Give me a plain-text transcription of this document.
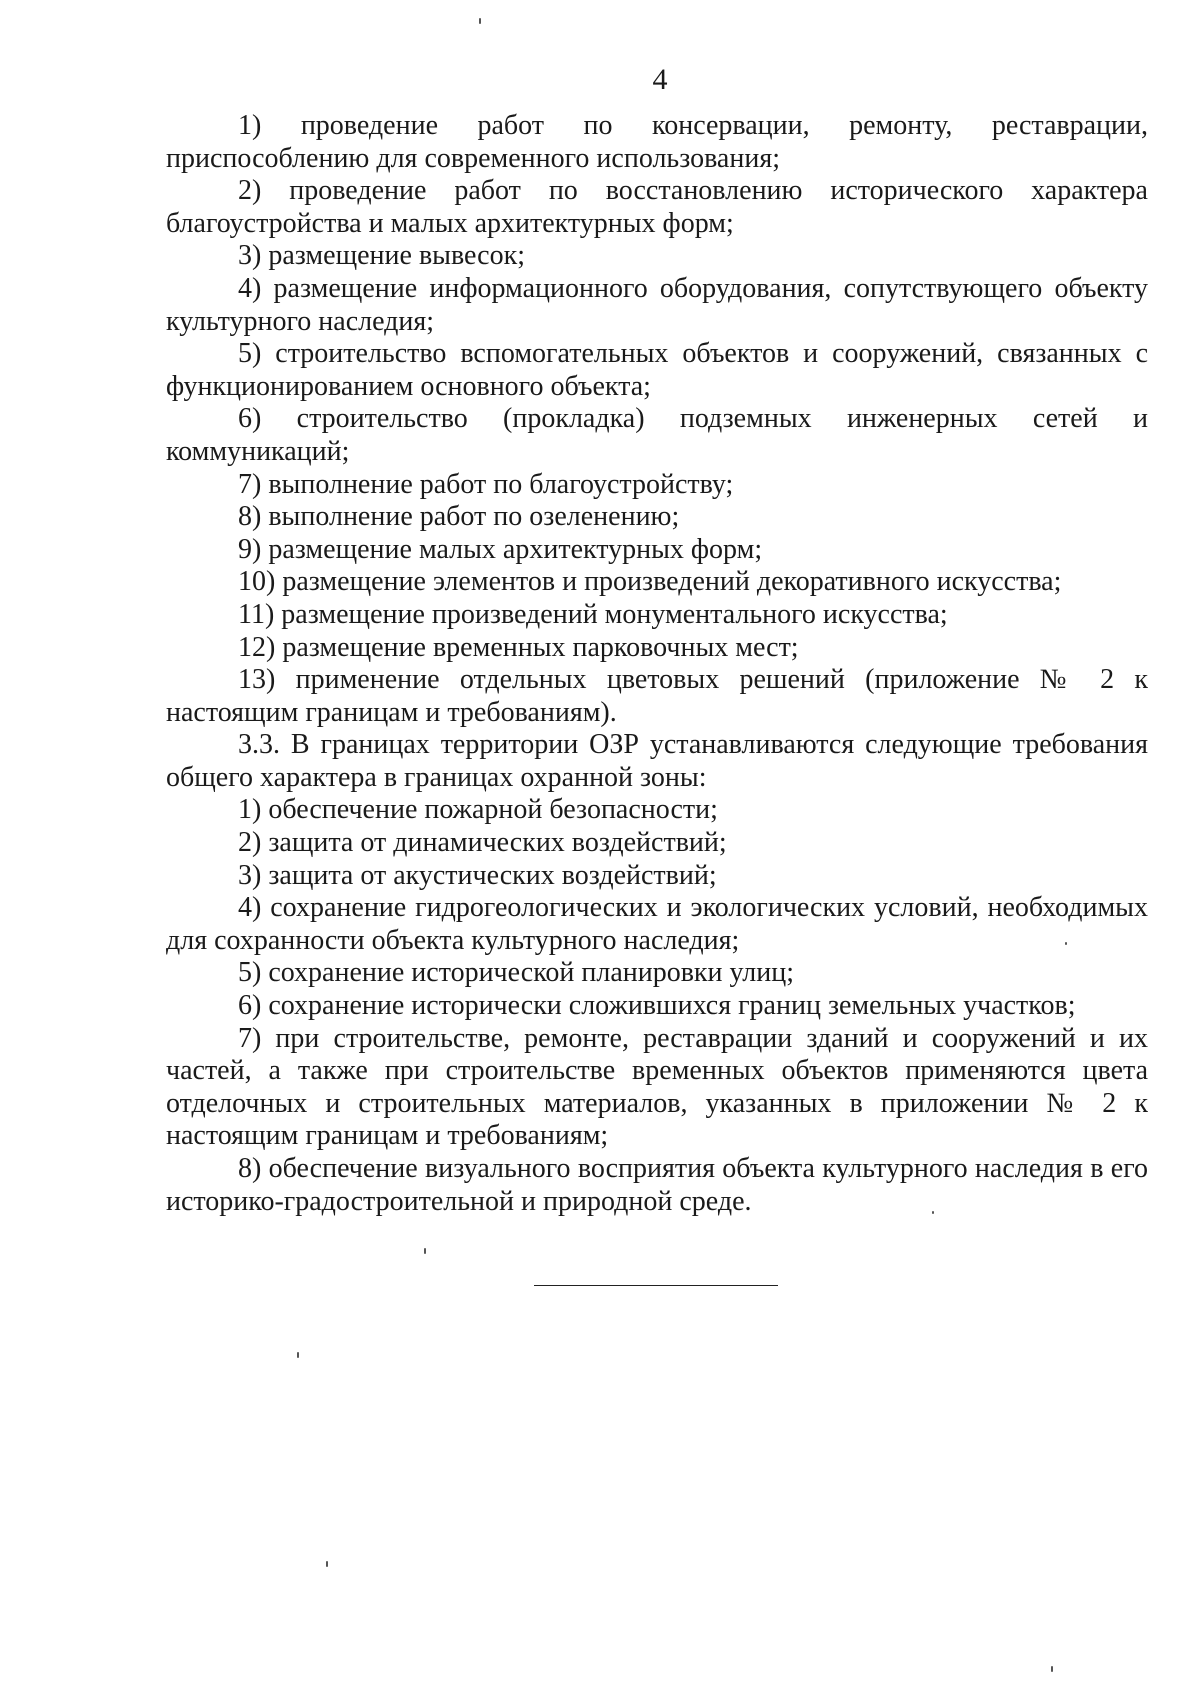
4

1) проведение работ по консервации, ремонту, реставрации, приспособлению для современного использования;

2) проведение работ по восстановлению исторического характера благоустройства и малых архитектурных форм;

3) размещение вывесок;

4) размещение информационного оборудования, сопутствующего объекту культурного наследия;

5) строительство вспомогательных объектов и сооружений, связанных с функционированием основного объекта;

6) строительство (прокладка) подземных инженерных сетей и коммуникаций;

7) выполнение работ по благоустройству;

8) выполнение работ по озеленению;

9) размещение малых архитектурных форм;

10) размещение элементов и произведений декоративного искусства;

11) размещение произведений монументального искусства;

12) размещение временных парковочных мест;

13) применение отдельных цветовых решений (приложение № 2 к настоящим границам и требованиям).

3.3. В границах территории ОЗР устанавливаются следующие требования общего характера в границах охранной зоны:

1) обеспечение пожарной безопасности;

2) защита от динамических воздействий;

3) защита от акустических воздействий;

4) сохранение гидрогеологических и экологических условий, необходимых для сохранности объекта культурного наследия;

5) сохранение исторической планировки улиц;

6) сохранение исторически сложившихся границ земельных участков;

7) при строительстве, ремонте, реставрации зданий и сооружений и их частей, а также при строительстве временных объектов применяются цвета отделочных и строительных материалов, указанных в приложении № 2 к настоящим границам и требованиям;

8) обеспечение визуального восприятия объекта культурного наследия в его историко-градостроительной и природной среде.
